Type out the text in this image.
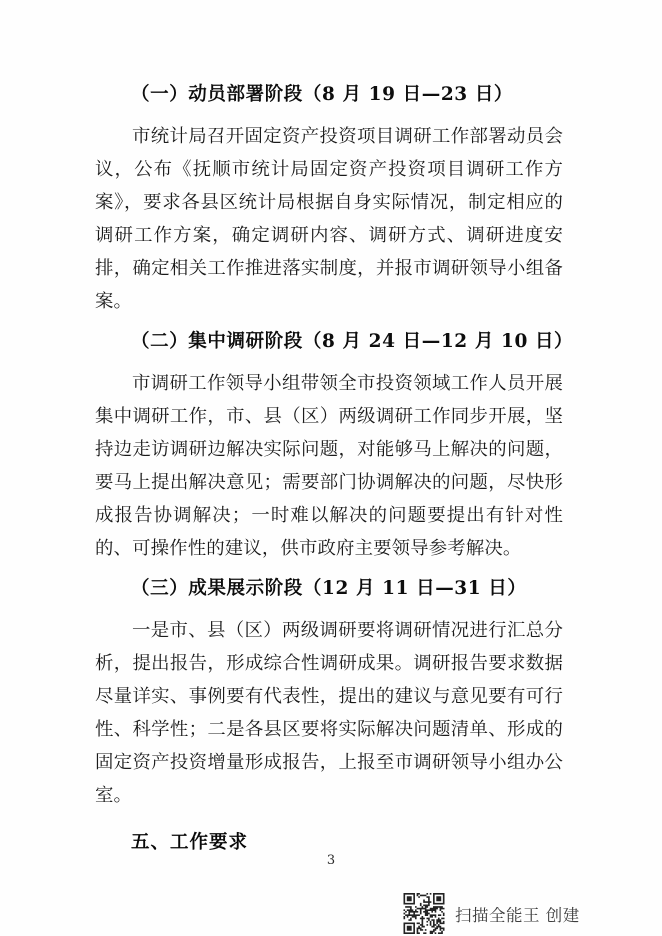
（一）动员部署阶段（8 月 19 日—23 日）

市统计局召开固定资产投资项目调研工作部署动员会议，公布《抚顺市统计局固定资产投资项目调研工作方案》，要求各县区统计局根据自身实际情况，制定相应的调研工作方案，确定调研内容、调研方式、调研进度安排，确定相关工作推进落实制度，并报市调研领导小组备案。

（二）集中调研阶段（8 月 24 日—12 月 10 日）

市调研工作领导小组带领全市投资领域工作人员开展集中调研工作，市、县（区）两级调研工作同步开展，坚持边走访调研边解决实际问题，对能够马上解决的问题，要马上提出解决意见；需要部门协调解决的问题，尽快形成报告协调解决；一时难以解决的问题要提出有针对性的、可操作性的建议，供市政府主要领导参考解决。

（三）成果展示阶段（12 月 11 日—31 日）

一是市、县（区）两级调研要将调研情况进行汇总分析，提出报告，形成综合性调研成果。调研报告要求数据尽量详实、事例要有代表性，提出的建议与意见要有可行性、科学性；二是各县区要将实际解决问题清单、形成的固定资产投资增量形成报告，上报至市调研领导小组办公室。

五、工作要求

3
扫描全能王 创建
